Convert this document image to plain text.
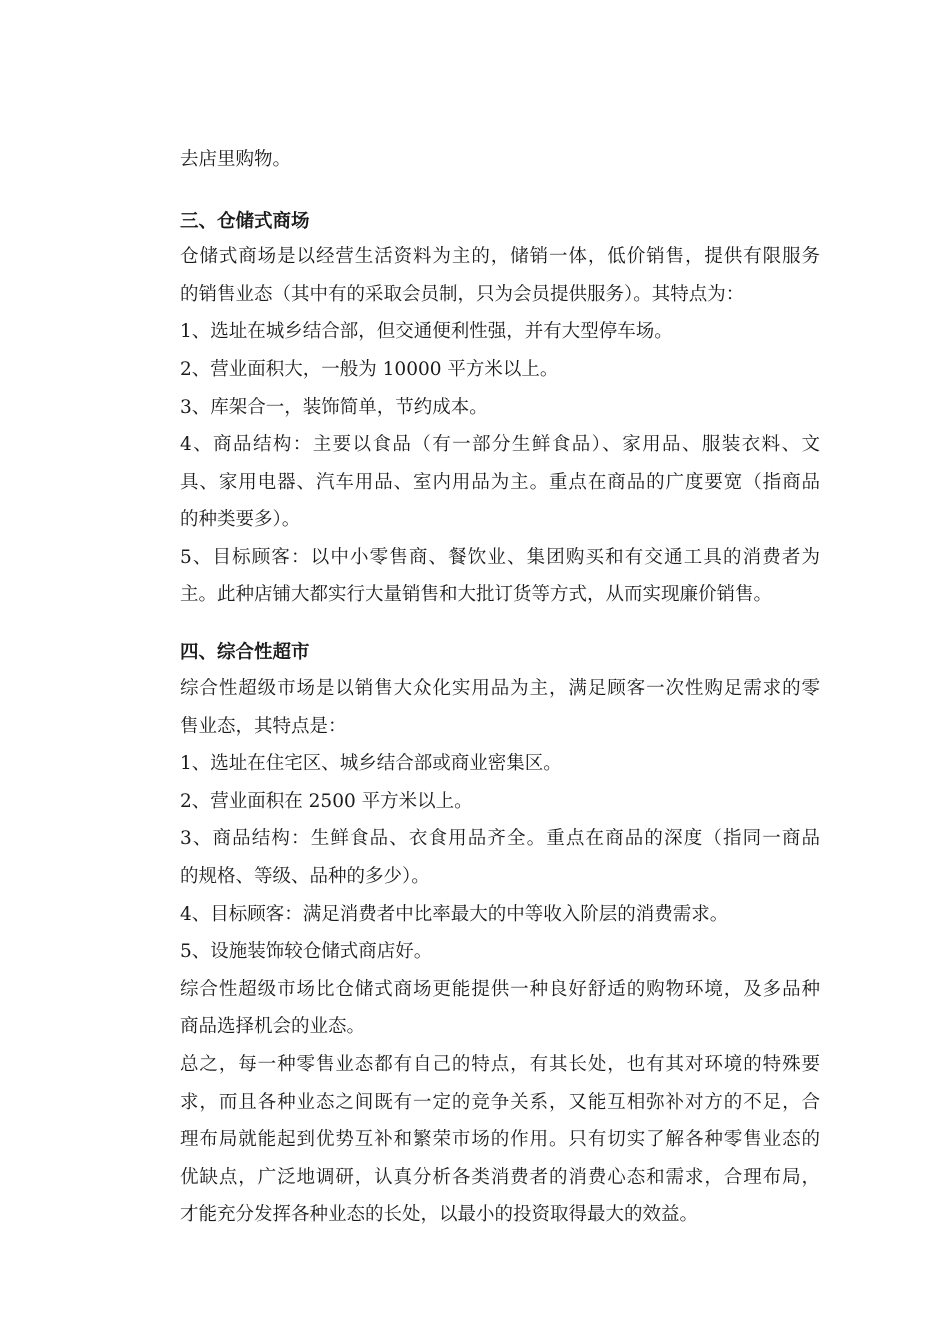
去店里购物。
三、仓储式商场
仓储式商场是以经营生活资料为主的，储销一体，低价销售，提供有限服务
的销售业态（其中有的采取会员制，只为会员提供服务）。其特点为：
1、选址在城乡结合部，但交通便利性强，并有大型停车场。
2、营业面积大，一般为 10000 平方米以上。
3、库架合一，装饰简单，节约成本。
4、商品结构：主要以食品（有一部分生鲜食品）、家用品、服装衣料、文
具、家用电器、汽车用品、室内用品为主。重点在商品的广度要宽（指商品
的种类要多）。
5、目标顾客：以中小零售商、餐饮业、集团购买和有交通工具的消费者为
主。此种店铺大都实行大量销售和大批订货等方式，从而实现廉价销售。
四、综合性超市
综合性超级市场是以销售大众化实用品为主，满足顾客一次性购足需求的零
售业态，其特点是：
1、选址在住宅区、城乡结合部或商业密集区。
2、营业面积在 2500 平方米以上。
3、商品结构：生鲜食品、衣食用品齐全。重点在商品的深度（指同一商品
的规格、等级、品种的多少）。
4、目标顾客：满足消费者中比率最大的中等收入阶层的消费需求。
5、设施装饰较仓储式商店好。
综合性超级市场比仓储式商场更能提供一种良好舒适的购物环境，及多品种
商品选择机会的业态。
总之，每一种零售业态都有自己的特点，有其长处，也有其对环境的特殊要
求，而且各种业态之间既有一定的竞争关系，又能互相弥补对方的不足，合
理布局就能起到优势互补和繁荣市场的作用。只有切实了解各种零售业态的
优缺点，广泛地调研，认真分析各类消费者的消费心态和需求，合理布局，
才能充分发挥各种业态的长处，以最小的投资取得最大的效益。
